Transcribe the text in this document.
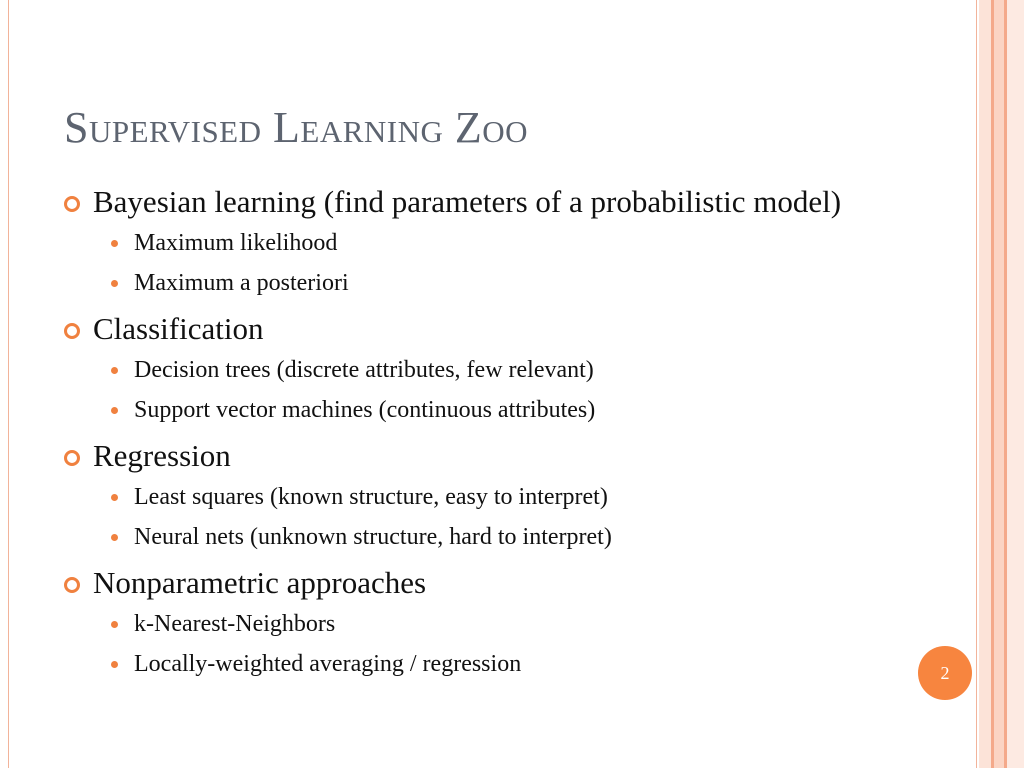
Supervised Learning Zoo
Bayesian learning (find parameters of a probabilistic model)
Maximum likelihood
Maximum a posteriori
Classification
Decision trees (discrete attributes, few relevant)
Support vector machines (continuous attributes)
Regression
Least squares (known structure, easy to interpret)
Neural nets (unknown structure, hard to interpret)
Nonparametric approaches
k-Nearest-Neighbors
Locally-weighted averaging / regression	2
